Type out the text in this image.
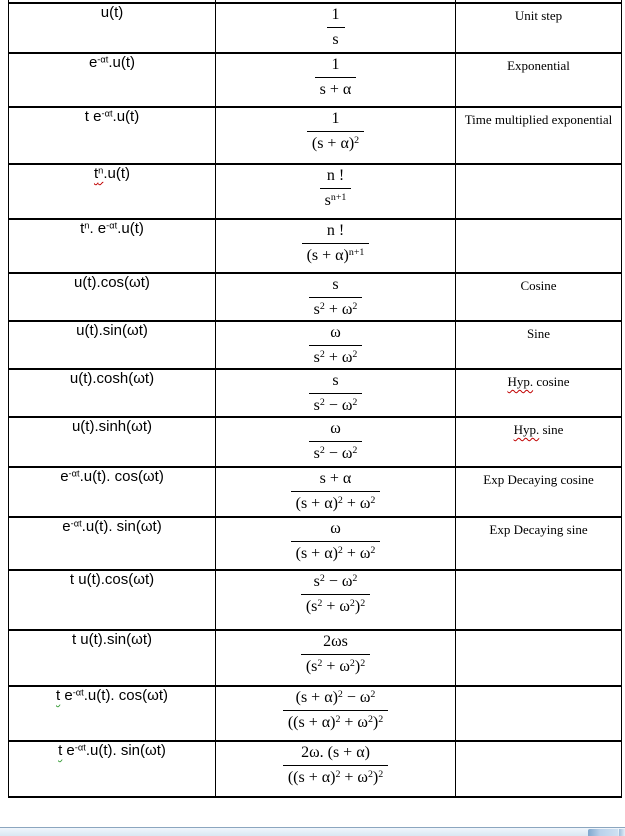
u(t)	$\frac{1}{s}$	Unit step
$e^{-\alpha t}.u(t)$	$\frac{1}{s + \alpha}$	Exponential
t $e^{-\alpha t}.u(t)$	$\frac{1}{(s + \alpha)^2}$	Time multiplied exponential
$t^n.u(t)$	$\frac{n !}{s^{n+1}}$

$t^n$. $e^{-\alpha t}.u(t)$	$\frac{n !}{(s + \alpha)^{n+1}}$

u(t).cos(ωt)	$\frac{s}{s^2 + \omega^2}$	Cosine
u(t).sin(ωt)	$\frac{\omega}{s^2 + \omega^2}$	Sine
u(t).cosh(ωt)	$\frac{s}{s^2 - \omega^2}$	Hyp. cosine
u(t).sinh(ωt)	$\frac{\omega}{s^2 - \omega^2}$	Hyp. sine
$e^{-\alpha t}.u(t)$. cos(ωt)	$\frac{s + \alpha}{(s + \alpha)^2 + \omega^2}$	Exp Decaying cosine
$e^{-\alpha t}.u(t)$. sin(ωt)	$\frac{\omega}{(s + \alpha)^2 + \omega^2}$	Exp Decaying sine
t u(t).cos(ωt)	$\frac{s^2 - \omega^2}{(s^2 + \omega^2)^2}$

t u(t).sin(ωt)	$\frac{2\omega s}{(s^2 + \omega^2)^2}$

t $e^{-\alpha t}.u(t)$. cos(ωt)	$\frac{(s + \alpha)^2 - \omega^2}{((s + \alpha)^2 + \omega^2)^2}$

t $e^{-\alpha t}.u(t)$. sin(ωt)	$\frac{2\omega. (s + \alpha)}{((s + \alpha)^2 + \omega^2)^2}$
